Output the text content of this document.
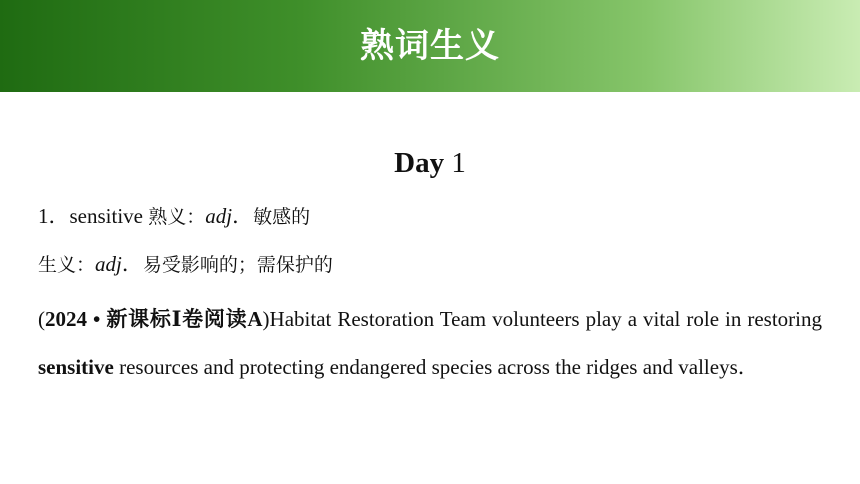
熟词生义
Day 1
1．sensitive 熟义：adj．敏感的
生义：adj．易受影响的；需保护的
(2024 • 新课标Ⅰ卷阅读A)Habitat Restoration Team volunteers play a vital role in restoring sensitive resources and protecting endangered species across the ridges and valleys．
